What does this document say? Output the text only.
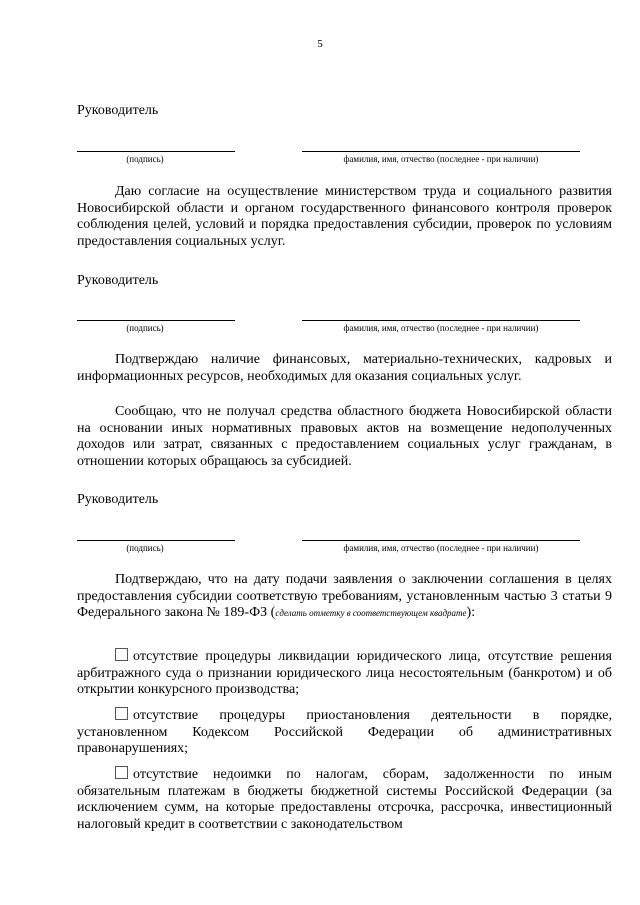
5
Руководитель
(подпись)	фамилия, имя, отчество (последнее - при наличии)

Даю согласие на осуществление министерством труда и социального развития Новосибирской области и органом государственного финансового контроля проверок соблюдения целей, условий и порядка предоставления субсидии, проверок по условиям предоставления социальных услуг.

Руководитель
(подпись)	фамилия, имя, отчество (последнее - при наличии)

Подтверждаю наличие финансовых, материально-технических, кадровых и информационных ресурсов, необходимых для оказания социальных услуг.

Сообщаю, что не получал средства областного бюджета Новосибирской области на основании иных нормативных правовых актов на возмещение недополученных доходов или затрат, связанных с предоставлением социальных услуг гражданам, в отношении которых обращаюсь за субсидией.

Руководитель
(подпись)	фамилия, имя, отчество (последнее - при наличии)

Подтверждаю, что на дату подачи заявления о заключении соглашения в целях предоставления субсидии соответствую требованиям, установленным частью 3 статьи 9 Федерального закона № 189-ФЗ (сделать отметку в соответствующем квадрате):

отсутствие процедуры ликвидации юридического лица, отсутствие решения арбитражного суда о признании юридического лица несостоятельным (банкротом) и об открытии конкурсного производства;

отсутствие процедуры приостановления деятельности в порядке, установленном Кодексом Российской Федерации об административных правонарушениях;

отсутствие недоимки по налогам, сборам, задолженности по иным обязательным платежам в бюджеты бюджетной системы Российской Федерации (за исключением сумм, на которые предоставлены отсрочка, рассрочка, инвестиционный налоговый кредит в соответствии с законодательством
